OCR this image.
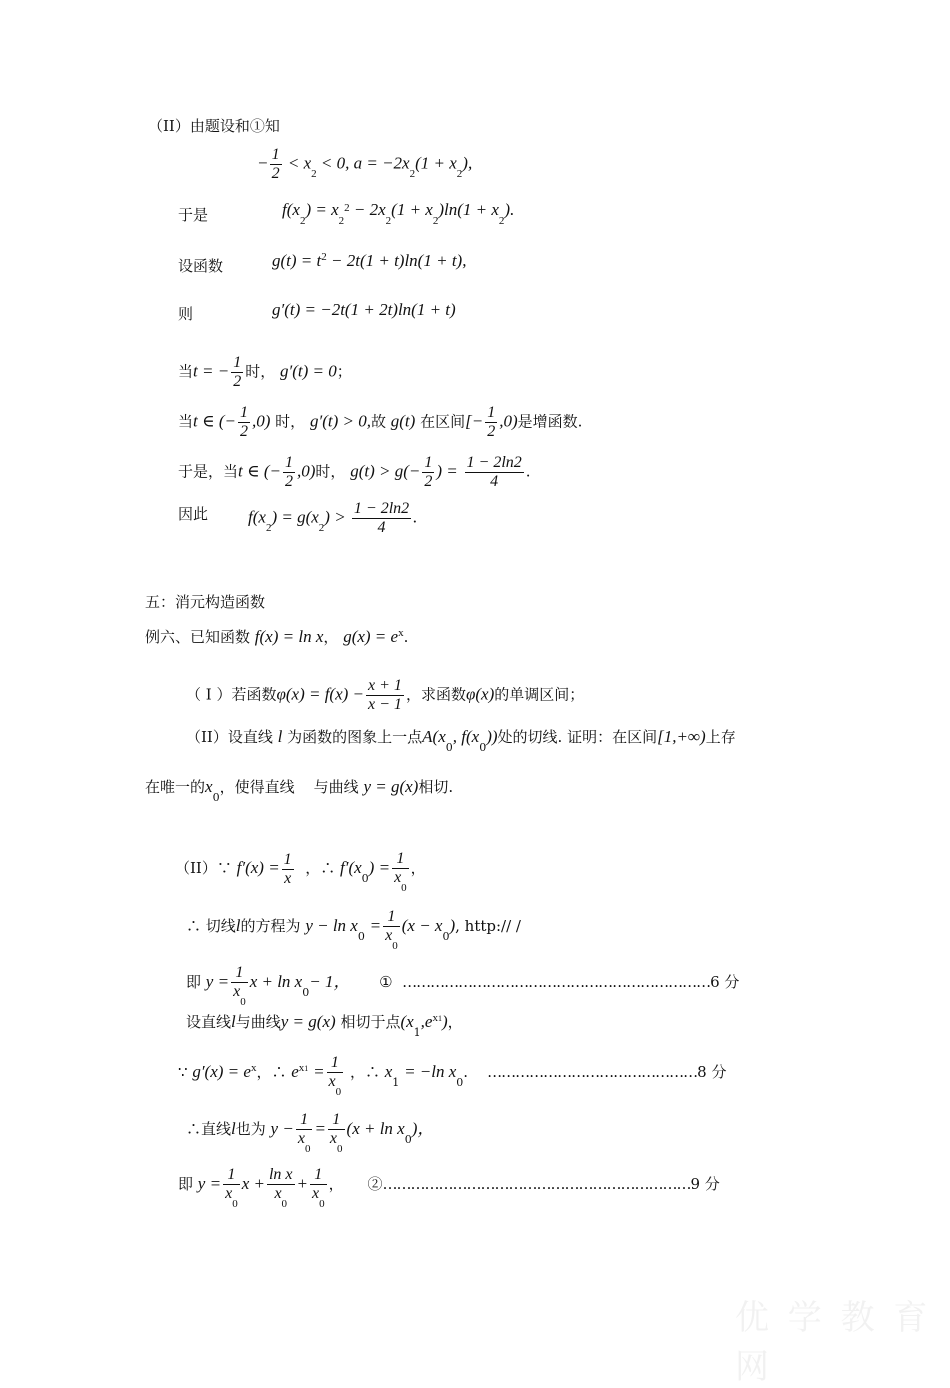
（II）由题设和①知
− $\frac{1}{2} < x_2 < 0$, $a = -2x_2(1 + x_2)$,
于是	$f(x_2) = x_2^2 - 2x_2(1 + x_2)\ln(1 + x_2)$.
设函数	$g(t) = t^2 - 2t(1 + t)\ln(1 + t)$,
则	g′(t) = −2t(1 + 2t)ln(1 + t)
当t = − $\frac{1}{2}$ 时， g′(t) = 0；
当t ∈ (− $\frac{1}{2} ,0$) 时， g′(t) > 0,故 g(t) 在区间[− $\frac{1}{2} ,0$)是增函数.
于是，当t ∈ (− $\frac{1}{2} ,0$)时， $g(t) > g(- \frac{1}{2}$ ) = $\frac{1 - 2\ln 2}{4}$ .
因此 $f(x_2) = g(x_2) > \frac{1 - 2\ln 2}{4}$ .
五：消元构造函数
例六、已知函数 f(x) = ln x， $g(x) = e^x$.
（ I ）若函数$\varphi(x) = f(x) - \frac{x + 1}{x - 1}$ ，求函数φ(x)的单调区间；
（II）设直线 l 为函数的图象上一点$A(x_0$, $f(x_0)$)处的切线. 证明：在区间[1,+∞)上存
在唯一的$x_0$，使得直线 与曲线 y = g(x)相切.
（II）∵ $f'(x) = \frac{1}{x}$ ，∴ $f'(x_0) = \frac{1}{x_0}$ ，
∴ 切线l的方程为 $y - \ln x_0 = \frac{1}{x_0} (x - x_0)$, http:// /
即 $y = \frac{1}{x_0}$ $x + \ln x_0- 1$， ① …………………………………………………………6 分
设直线l与曲线y = g(x) 相切于点$(x_1,e^{x1})$，
∵ $g'(x) = e^x$，∴ $e^{x1} = \frac{1}{x_0}$ ，∴ $x_1 = -\ln$ $x_0$. ………………………………………8 分
∴直线l也为 $y - \frac{1}{x_0} = \frac{1}{x_0} (x + \ln x_0)$，
即 $y = \frac{1}{x_0}$ $x + \frac{\text{ln x}}{x_0} + \frac{1}{x_0}$ ， ②…………………………………………………………9 分
优 学 教 育 网
